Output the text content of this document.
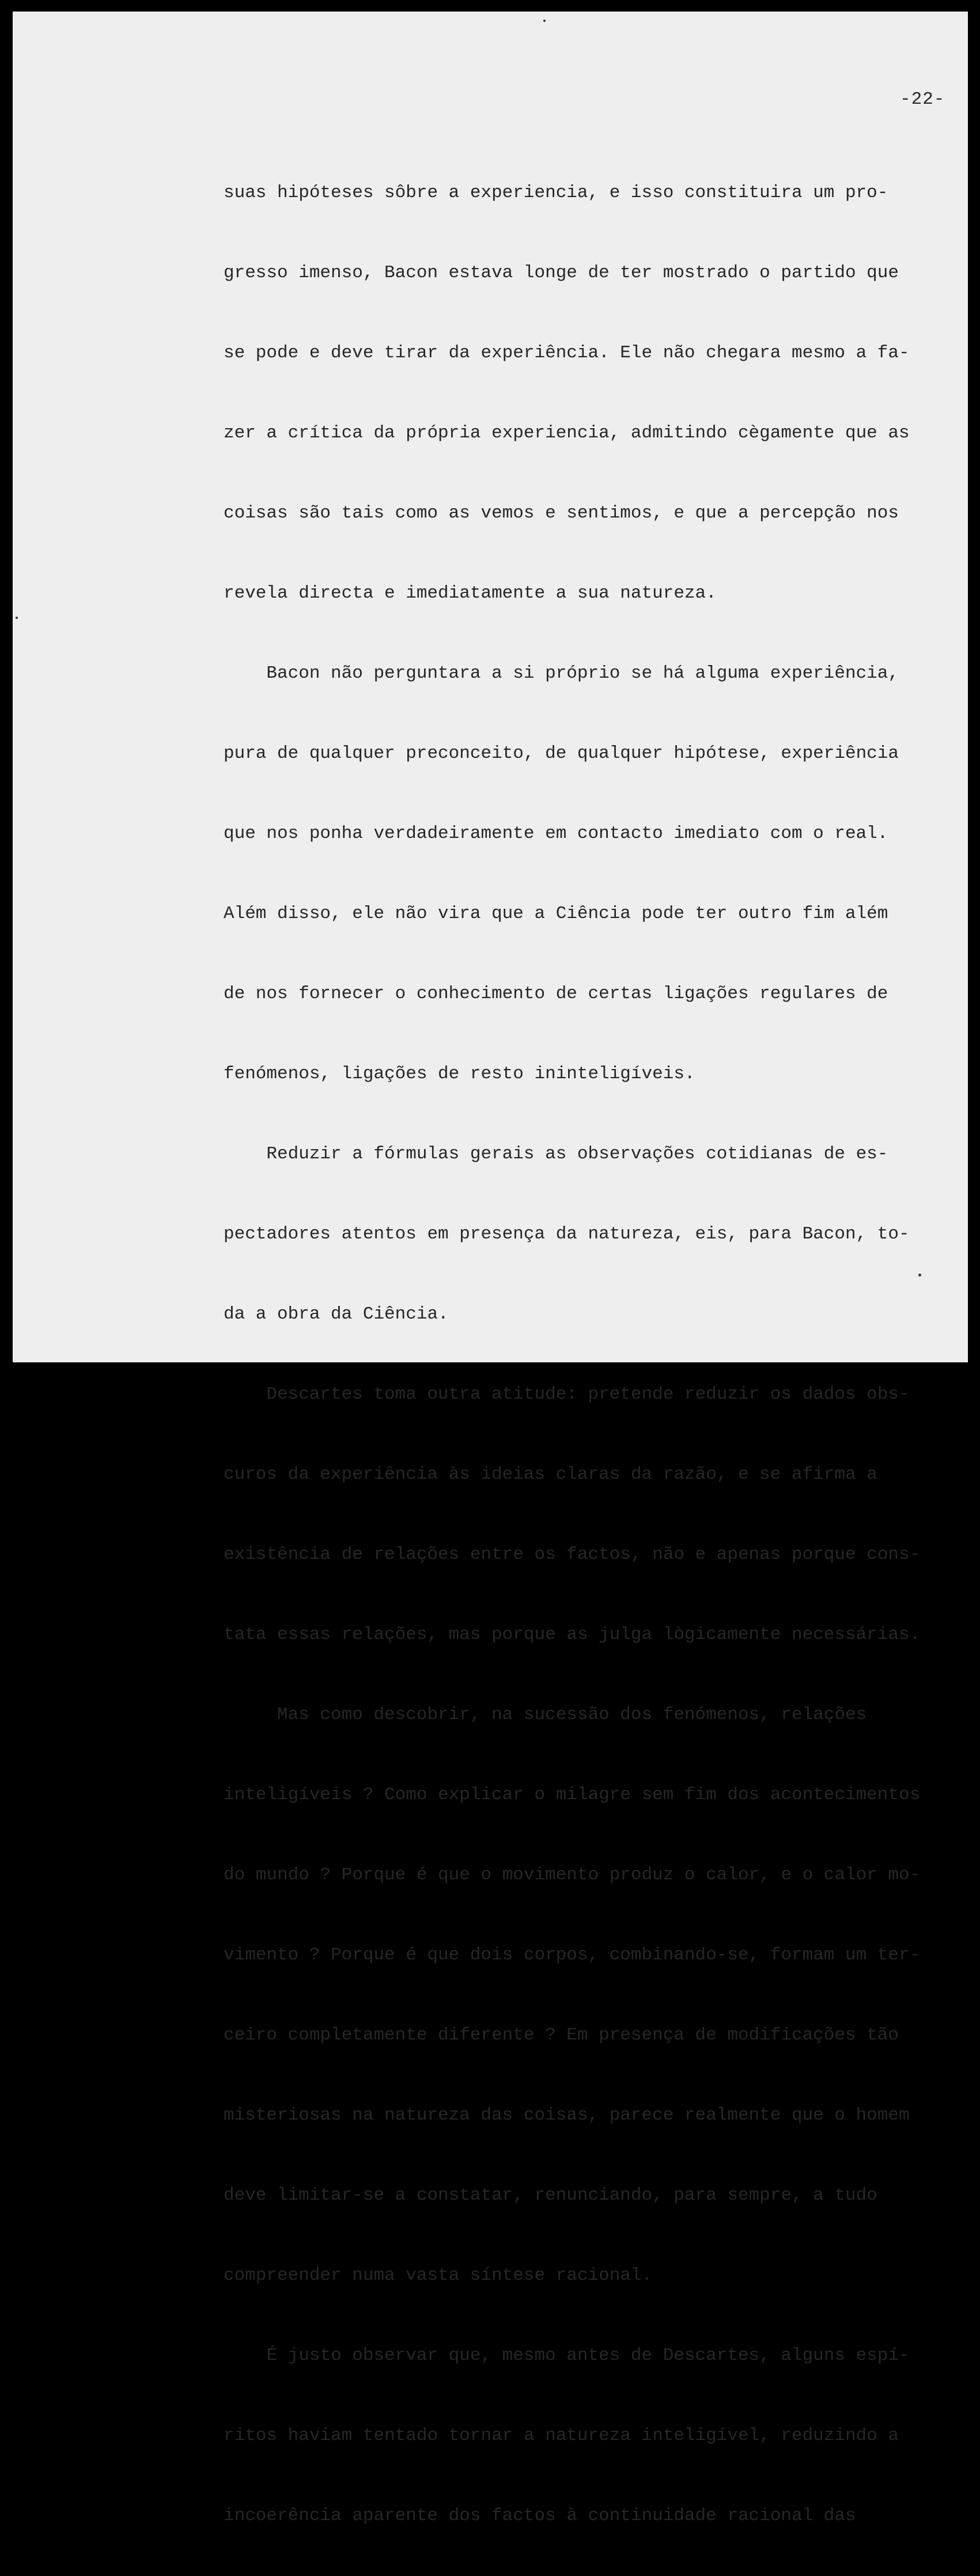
-22-

suas hipóteses sôbre a experiencia, e isso constituira um pro-

gresso imenso, Bacon estava longe de ter mostrado o partido que

se pode e deve tirar da experiência. Ele não chegara mesmo a fa-

zer a crítica da própria experiencia, admitindo cègamente que as

coisas são tais como as vemos e sentimos, e que a percepção nos

revela directa e imediatamente a sua natureza.

Bacon não perguntara a si próprio se há alguma experiência,

pura de qualquer preconceito, de qualquer hipótese, experiência

que nos ponha verdadeiramente em contacto imediato com o real.

Além disso, ele não vira que a Ciência pode ter outro fim além

de nos fornecer o conhecimento de certas ligações regulares de

fenómenos, ligações de resto ininteligíveis.

Reduzir a fórmulas gerais as observações cotidianas de es-

pectadores atentos em presença da natureza, eis, para Bacon, to-

da a obra da Ciência.

Descartes toma outra atitude: pretende reduzir os dados obs-

curos da experiência às ideias claras da razão, e se afirma a

existência de relações entre os factos, não e apenas porque cons-

tata essas relações, mas porque as julga lògicamente necessárias.

Mas como descobrir, na sucessão dos fenómenos, relações

inteligíveis ? Como explicar o milagre sem fim dos acontecimentos

do mundo ? Porque é que o movimento produz o calor, e o calor mo-

vimento ? Porque é que dois corpos, combinando-se, formam um ter-

ceiro completamente diferente ? Em presença de modificações tão

misteriosas na natureza das coisas, parece realmente que o homem

deve limitar-se a constatar, renunciando, para sempre, a tudo

compreender numa vasta síntese racional.

É justo observar que, mesmo antes de Descartes, alguns espí-

ritos haviam tentado tornar a natureza inteligível, reduzindo a

incoerência aparente dos factos à continuidade racional das
